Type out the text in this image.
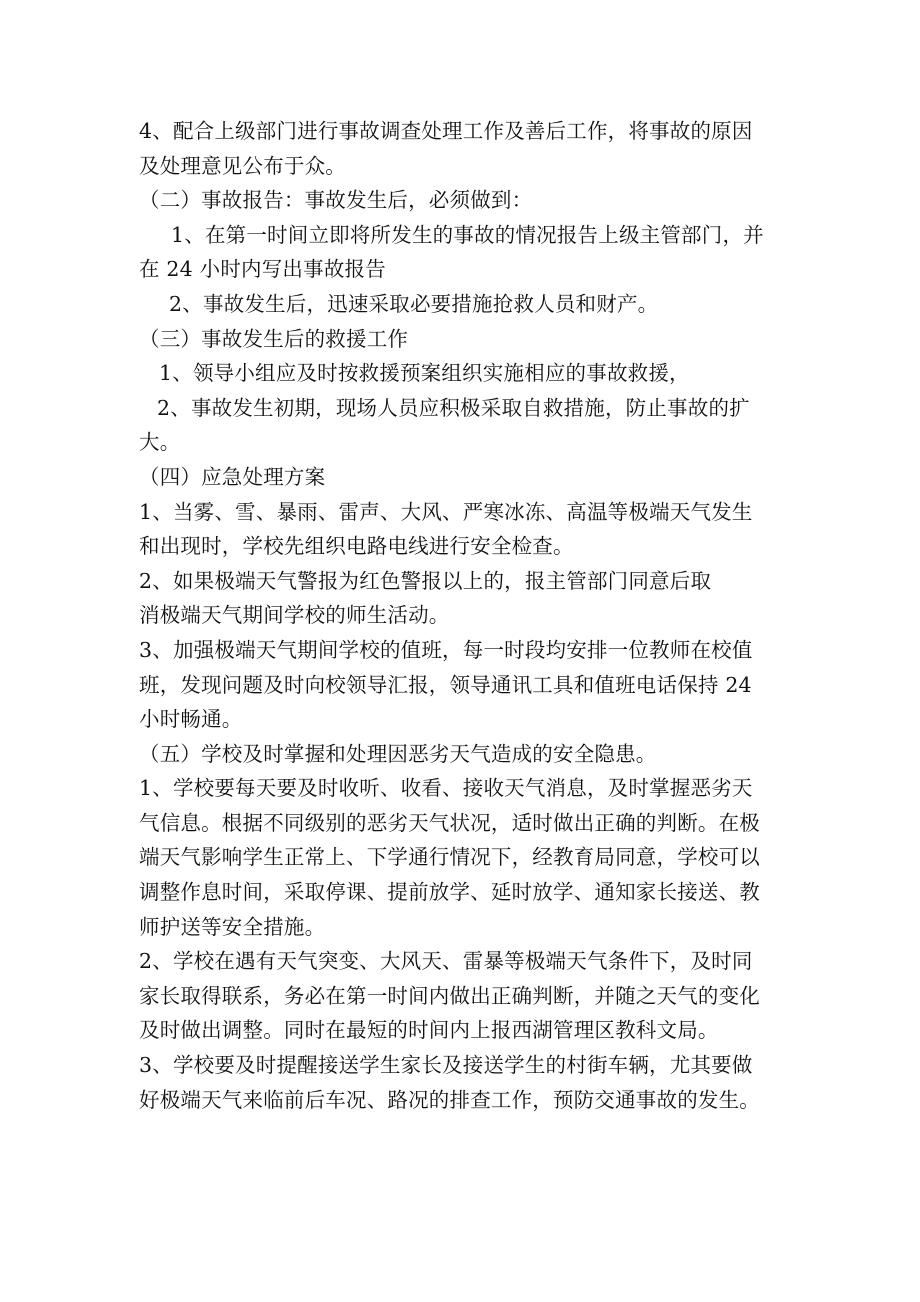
4、配合上级部门进行事故调查处理工作及善后工作，将事故的原因
及处理意见公布于众。
（二）事故报告：事故发生后，必须做到：
1、在第一时间立即将所发生的事故的情况报告上级主管部门，并
在 24 小时内写出事故报告
2、事故发生后，迅速采取必要措施抢救人员和财产。
（三）事故发生后的救援工作
1、领导小组应及时按救援预案组织实施相应的事故救援，
2、事故发生初期，现场人员应积极采取自救措施，防止事故的扩
大。
（四）应急处理方案
1、当雾、雪、暴雨、雷声、大风、严寒冰冻、高温等极端天气发生
和出现时，学校先组织电路电线进行安全检查。
2、如果极端天气警报为红色警报以上的，报主管部门同意后取
消极端天气期间学校的师生活动。
3、加强极端天气期间学校的值班，每一时段均安排一位教师在校值
班，发现问题及时向校领导汇报，领导通讯工具和值班电话保持 24
小时畅通。
（五）学校及时掌握和处理因恶劣天气造成的安全隐患。
1、学校要每天要及时收听、收看、接收天气消息，及时掌握恶劣天
气信息。根据不同级别的恶劣天气状况，适时做出正确的判断。在极
端天气影响学生正常上、下学通行情况下，经教育局同意，学校可以
调整作息时间，采取停课、提前放学、延时放学、通知家长接送、教
师护送等安全措施。
2、学校在遇有天气突变、大风天、雷暴等极端天气条件下，及时同
家长取得联系，务必在第一时间内做出正确判断，并随之天气的变化
及时做出调整。同时在最短的时间内上报西湖管理区教科文局。
3、学校要及时提醒接送学生家长及接送学生的村街车辆，尤其要做
好极端天气来临前后车况、路况的排查工作，预防交通事故的发生。
